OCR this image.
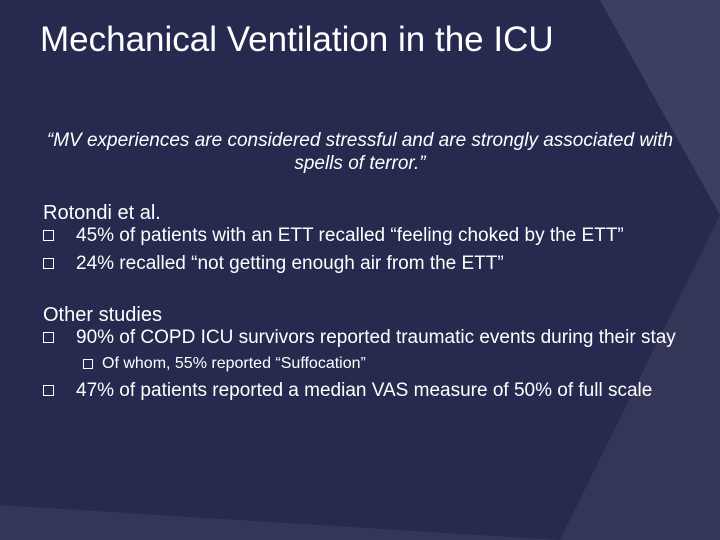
Mechanical Ventilation in the ICU
“MV experiences are considered stressful and are strongly associated with spells of terror.”
Rotondi et al.
45% of patients with an ETT recalled “feeling choked by the ETT”
24% recalled “not getting enough air from the ETT”
Other studies
90% of COPD ICU survivors reported traumatic events during their stay
Of whom, 55% reported “Suffocation”
47% of patients reported a median VAS measure of 50% of full scale
